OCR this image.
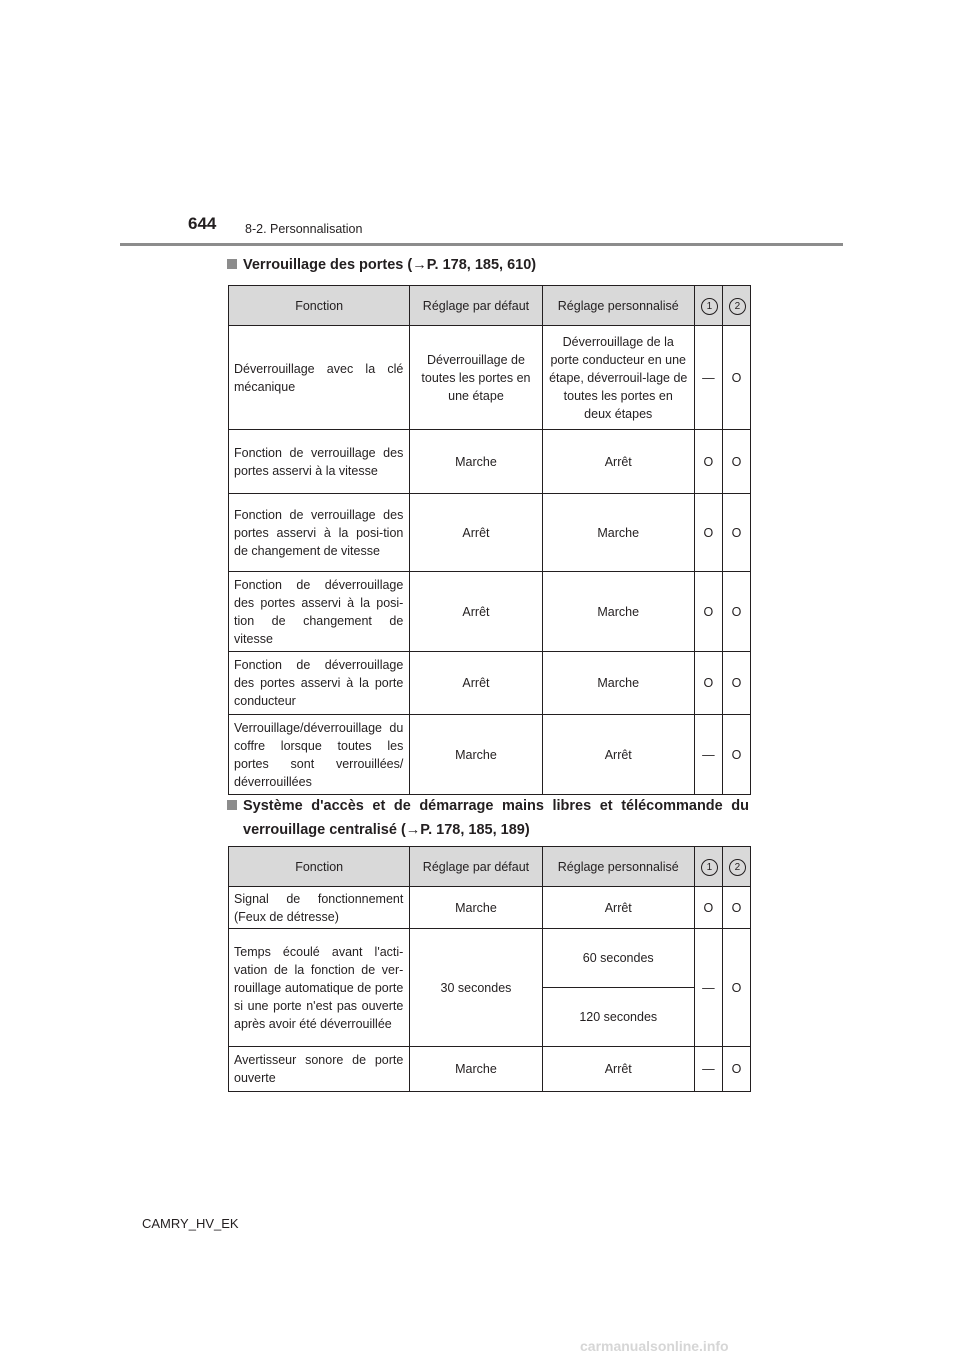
644 8-2. Personnalisation
Verrouillage des portes (→P. 178, 185, 610)
Fonction	Réglage par défaut	Réglage personnalisé	1	2
Déverrouillage avec la clé mécanique	Déverrouillage de toutes les portes en une étape	Déverrouillage de la porte conducteur en une étape, déverrouil-lage de toutes les portes en deux étapes	—	O
Fonction de verrouillage des portes asservi à la vitesse	Marche	Arrêt	O	O
Fonction de verrouillage des portes asservi à la posi-tion de changement de vitesse	Arrêt	Marche	O	O
Fonction de déverrouillage des portes asservi à la posi-tion de changement de vitesse	Arrêt	Marche	O	O
Fonction de déverrouillage des portes asservi à la porte conducteur	Arrêt	Marche	O	O
Verrouillage/déverrouillage du coffre lorsque toutes les portes sont verrouillées/ déverrouillées	Marche	Arrêt	—	O
Système d'accès et de démarrage mains libres et télécommande du verrouillage centralisé (→P. 178, 185, 189)
Fonction	Réglage par défaut	Réglage personnalisé	1	2
Signal de fonctionnement (Feux de détresse)	Marche	Arrêt	O	O
Temps écoulé avant l'acti-vation de la fonction de ver-rouillage automatique de porte si une porte n'est pas ouverte après avoir été déverrouillée	30 secondes	60 secondes	—	O
		120 secondes		
Avertisseur sonore de porte ouverte	Marche	Arrêt	—	O
CAMRY_HV_EK
carmanualsonline.info
